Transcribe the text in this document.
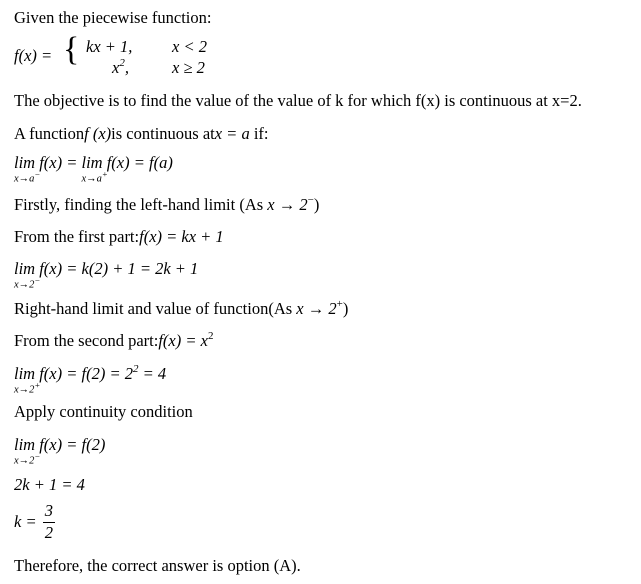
Given the piecewise function:
f(x) = { kx + 1, x < 2
$x^2$,	x ≥ 2
The objective is to find the value of the value of k for which f(x) is continuous at x=2.
A functionf (x)is continuous atx = a if:
lim
x→a−
f(x) = lim
x→a+
f(x) = f(a)
Firstly, finding the left-hand limit (As x → 2−)
From the first part:f(x) = kx + 1
lim
x→2−
f(x) = k(2) + 1 = 2k + 1
Right-hand limit and value of function(As x → 2+)
From the second part:f(x) = $x^2$
lim
x→2+
$f(x) = f(2) = 2^2 = 4$
Apply continuity condition
lim
x→2−
f(x) = f(2)
2k + 1 = 4
$k = \frac{3}{2}$
Therefore, the correct answer is option (A).
